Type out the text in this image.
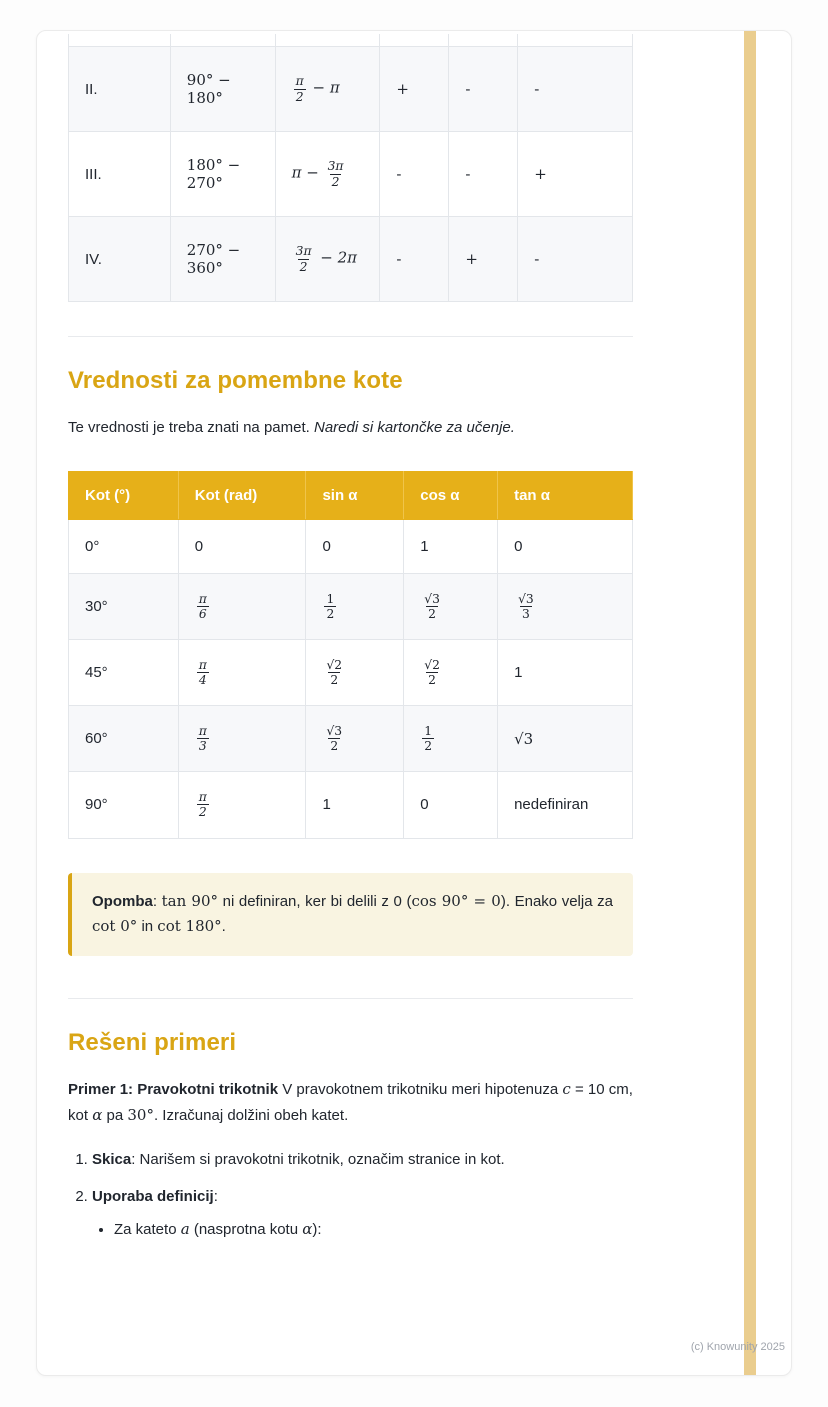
II.	90° − 180°	$\frac{\pi}{2} - \pi$	+	-	-
III.	180° − 270°	$\pi - \frac{3\pi}{2}$	-	-	+
IV.	270° − 360°	$\frac{3\pi}{2} - 2\pi$	-	+	-
Vrednosti za pomembne kote

Te vrednosti je treba znati na pamet. Naredi si kartončke za učenje.

Kot (°)	Kot (rad)	sin α	cos α	tan α
0°	0	0	1	0
30°	$\frac{\pi}{6}$	$\frac{1}{2}$	$\frac{√3}{2}$	$\frac{√3}{3}$

45°	$\frac{\pi}{4}$	$\frac{√2}{2}$	$\frac{√2}{2}$	1
60°	$\frac{\pi}{3}$	$\frac{√3}{2}$	$\frac{1}{2}$	√3
90°	$\frac{\pi}{2}$	1	0	nedefiniran
Opomba: tan 90° ni definiran, ker bi delili z 0 (cos 90° = 0). Enako velja za cot 0° in cot 180°.
Rešeni primeri

Primer 1: Pravokotni trikotnik V pravokotnem trikotniku meri hipotenuza c = 10 cm, kot α pa 30°. Izračunaj dolžini obeh katet.

1. Skica: Narišem si pravokotni trikotnik, označim stranice in kot.
2. Uporaba definicij:
• Za kateto a (nasprotna kotu α):
(c) Knowunity 2025
